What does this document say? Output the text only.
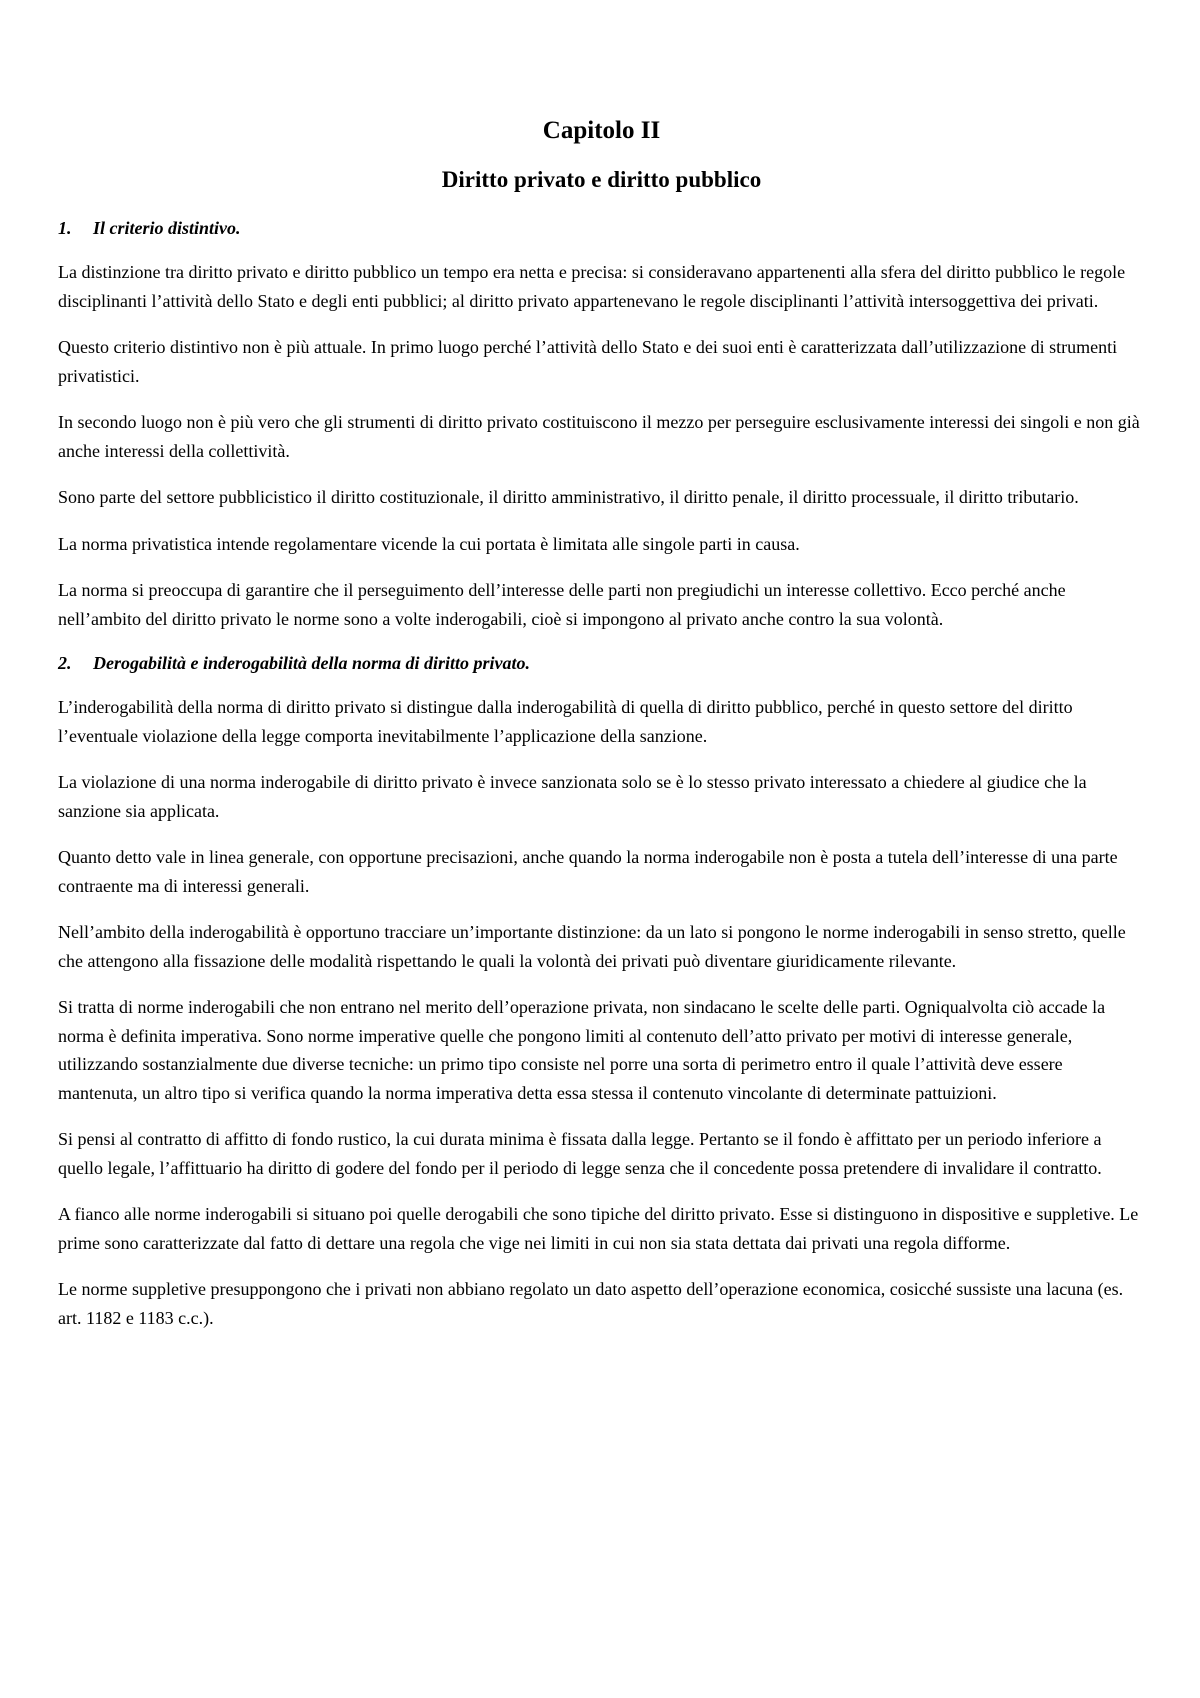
Capitolo II
Diritto privato e diritto pubblico
1.	Il criterio distintivo.

La distinzione tra diritto privato e diritto pubblico un tempo era netta e precisa: si consideravano appartenenti alla sfera del diritto pubblico le regole disciplinanti l’attività dello Stato e degli enti pubblici; al diritto privato appartenevano le regole disciplinanti l’attività intersoggettiva dei privati.

Questo criterio distintivo non è più attuale. In primo luogo perché l’attività dello Stato e dei suoi enti è caratterizzata dall’utilizzazione di strumenti privatistici.

In secondo luogo non è più vero che gli strumenti di diritto privato costituiscono il mezzo per perseguire esclusivamente interessi dei singoli e non già anche interessi della collettività.

Sono parte del settore pubblicistico il diritto costituzionale, il diritto amministrativo, il diritto penale, il diritto processuale, il diritto tributario.

La norma privatistica intende regolamentare vicende la cui portata è limitata alle singole parti in causa.

La norma si preoccupa di garantire che il perseguimento dell’interesse delle parti non pregiudichi un interesse collettivo. Ecco perché anche nell’ambito del diritto privato le norme sono a volte inderogabili, cioè si impongono al privato anche contro la sua volontà.

2.	Derogabilità e inderogabilità della norma di diritto privato.

L’inderogabilità della norma di diritto privato si distingue dalla inderogabilità di quella di diritto pubblico, perché in questo settore del diritto l’eventuale violazione della legge comporta inevitabilmente l’applicazione della sanzione.

La violazione di una norma inderogabile di diritto privato è invece sanzionata solo se è lo stesso privato interessato a chiedere al giudice che la sanzione sia applicata.

Quanto detto vale in linea generale, con opportune precisazioni, anche quando la norma inderogabile non è posta a tutela dell’interesse di una parte contraente ma di interessi generali.

Nell’ambito della inderogabilità è opportuno tracciare un’importante distinzione: da un lato si pongono le norme inderogabili in senso stretto, quelle che attengono alla fissazione delle modalità rispettando le quali la volontà dei privati può diventare giuridicamente rilevante.

Si tratta di norme inderogabili che non entrano nel merito dell’operazione privata, non sindacano le scelte delle parti. Ogniqualvolta ciò accade la norma è definita imperativa. Sono norme imperative quelle che pongono limiti al contenuto dell’atto privato per motivi di interesse generale, utilizzando sostanzialmente due diverse tecniche: un primo tipo consiste nel porre una sorta di perimetro entro il quale l’attività deve essere mantenuta, un altro tipo si verifica quando la norma imperativa detta essa stessa il contenuto vincolante di determinate pattuizioni.

Si pensi al contratto di affitto di fondo rustico, la cui durata minima è fissata dalla legge. Pertanto se il fondo è affittato per un periodo inferiore a quello legale, l’affittuario ha diritto di godere del fondo per il periodo di legge senza che il concedente possa pretendere di invalidare il contratto.

A fianco alle norme inderogabili si situano poi quelle derogabili che sono tipiche del diritto privato. Esse si distinguono in dispositive e suppletive. Le prime sono caratterizzate dal fatto di dettare una regola che vige nei limiti in cui non sia stata dettata dai privati una regola difforme.

Le norme suppletive presuppongono che i privati non abbiano regolato un dato aspetto dell’operazione economica, cosicché sussiste una lacuna (es. art. 1182 e 1183 c.c.).
